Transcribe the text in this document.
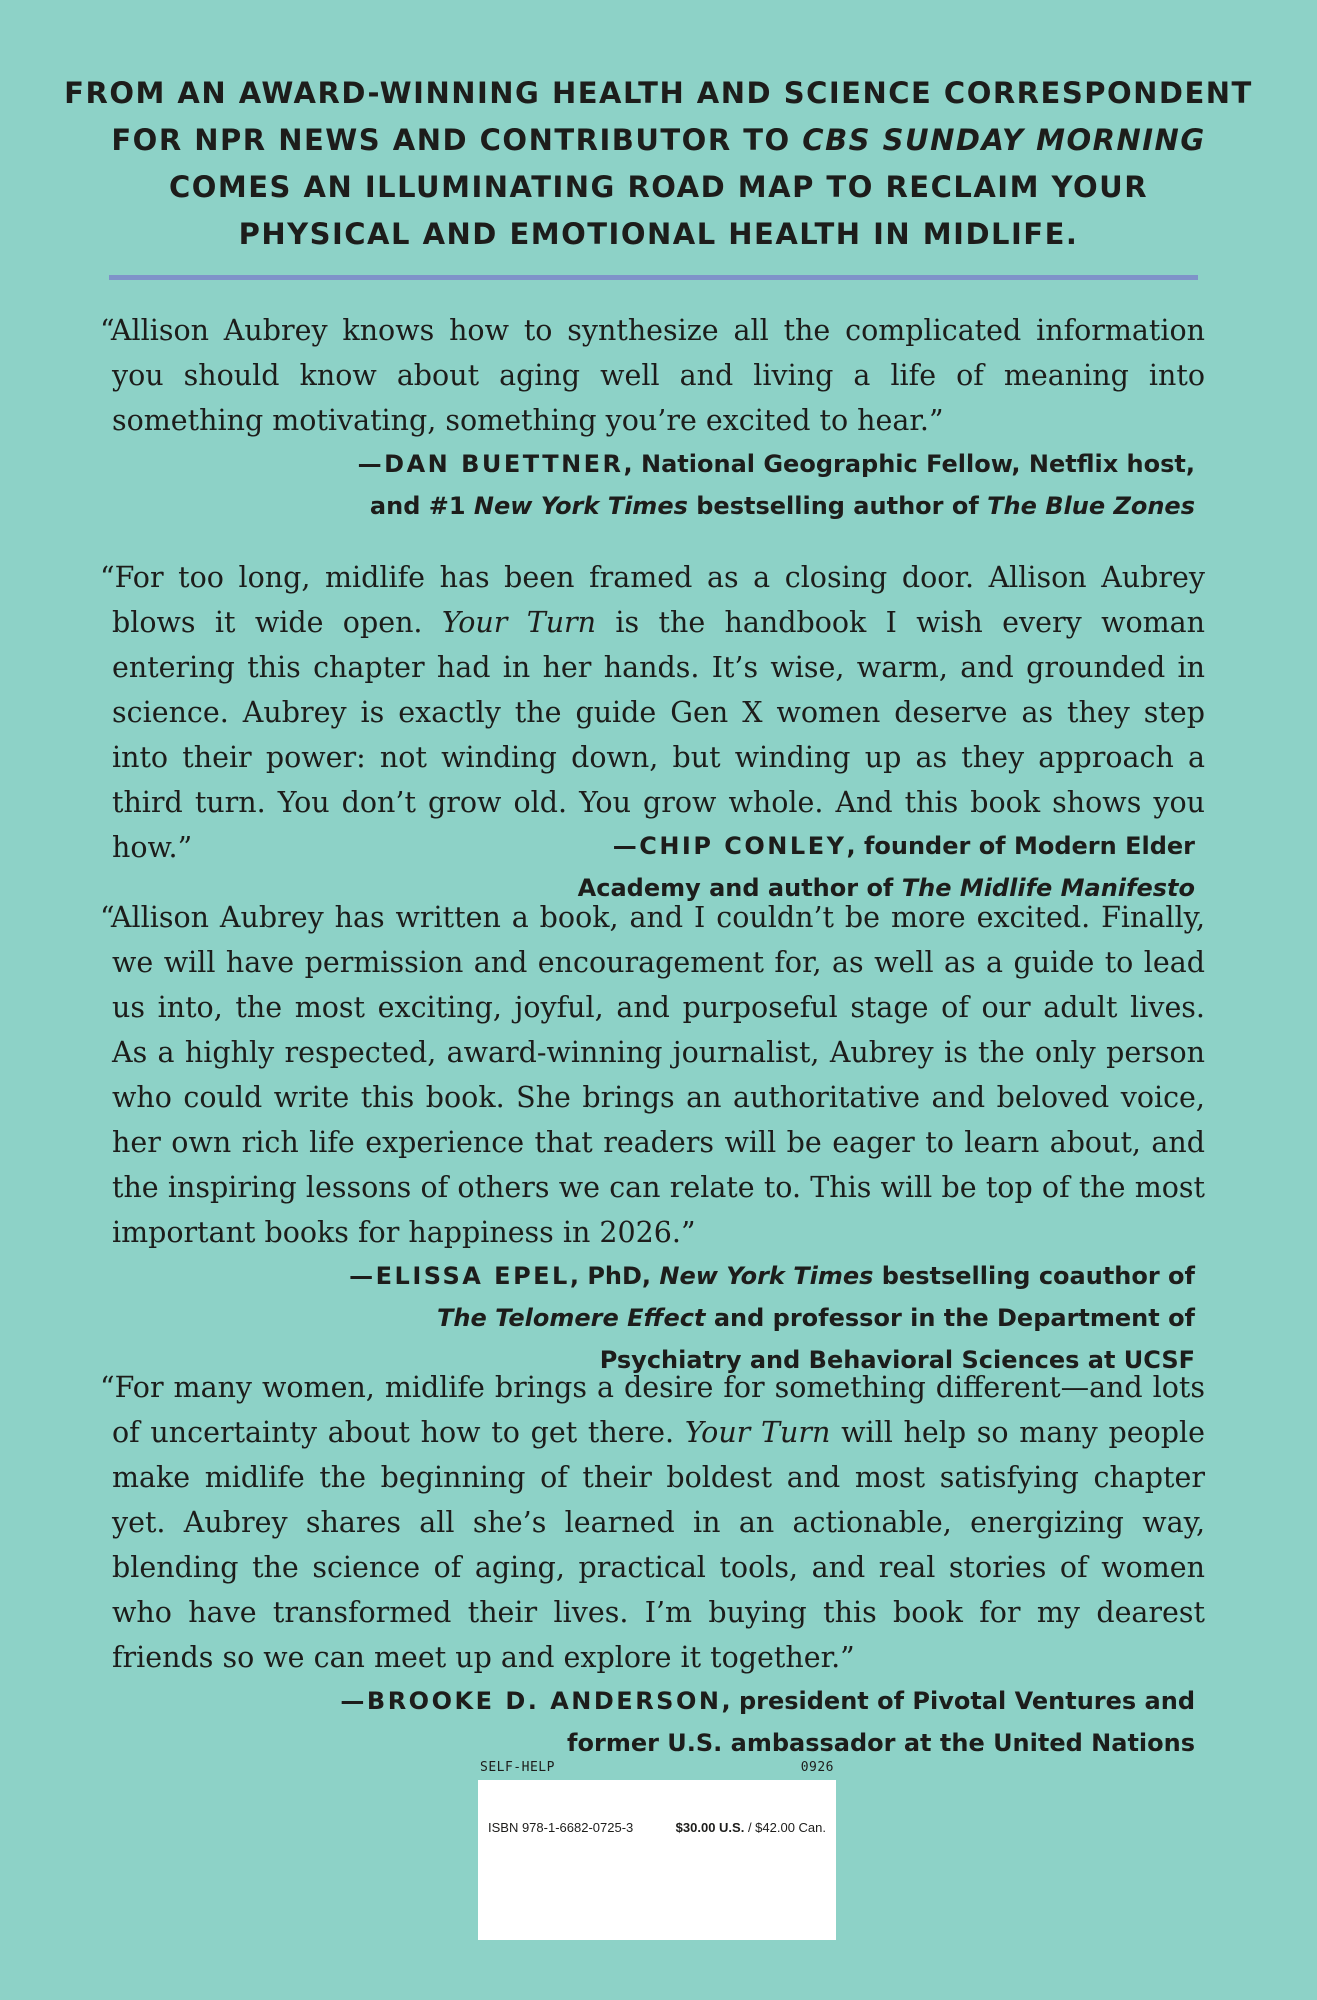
FROM AN AWARD-WINNING HEALTH AND SCIENCE CORRESPONDENT
FOR NPR NEWS AND CONTRIBUTOR TO CBS SUNDAY MORNING
COMES AN ILLUMINATING ROAD MAP TO RECLAIM YOUR
PHYSICAL AND EMOTIONAL HEALTH IN MIDLIFE.

“Allison Aubrey knows how to synthesize all the complicated information you should know about aging well and living a life of meaning into something motivating, something you’re excited to hear.”

—DAN BUETTNER, National Geographic Fellow, Netflix host,
and #1 New York Times bestselling author of The Blue Zones

“For too long, midlife has been framed as a closing door. Allison Aubrey blows it wide open. Your Turn is the handbook I wish every woman entering this chapter had in her hands. It’s wise, warm, and grounded in science. Aubrey is exactly the guide Gen X women deserve as they step into their power: not winding down, but winding up as they approach a third turn. You don’t grow old. You grow whole. And this book shows you how.”	—CHIP CONLEY, founder of Modern Elder
Academy and author of The Midlife Manifesto

“Allison Aubrey has written a book, and I couldn’t be more excited. Finally, we will have permission and encouragement for, as well as a guide to lead us into, the most exciting, joyful, and purposeful stage of our adult lives. As a highly respected, award-winning journalist, Aubrey is the only person who could write this book. She brings an authoritative and beloved voice, her own rich life experience that readers will be eager to learn about, and the inspiring lessons of others we can relate to. This will be top of the most important books for happiness in 2026.”

—ELISSA EPEL, PhD, New York Times bestselling coauthor of
The Telomere Effect and professor in the Department of
Psychiatry and Behavioral Sciences at UCSF

“For many women, midlife brings a desire for something different—and lots of uncertainty about how to get there. Your Turn will help so many people make midlife the beginning of their boldest and most satisfying chapter yet. Aubrey shares all she’s learned in an actionable, energizing way, blending the science of aging, practical tools, and real stories of women who have transformed their lives. I’m buying this book for my dearest friends so we can meet up and explore it together.”

—BROOKE D. ANDERSON, president of Pivotal Ventures and
former U.S. ambassador at the United Nations

SELF-HELP	0926
ISBN 978-1-6682-0725-3	$30.00 U.S. / $42.00 Can.
